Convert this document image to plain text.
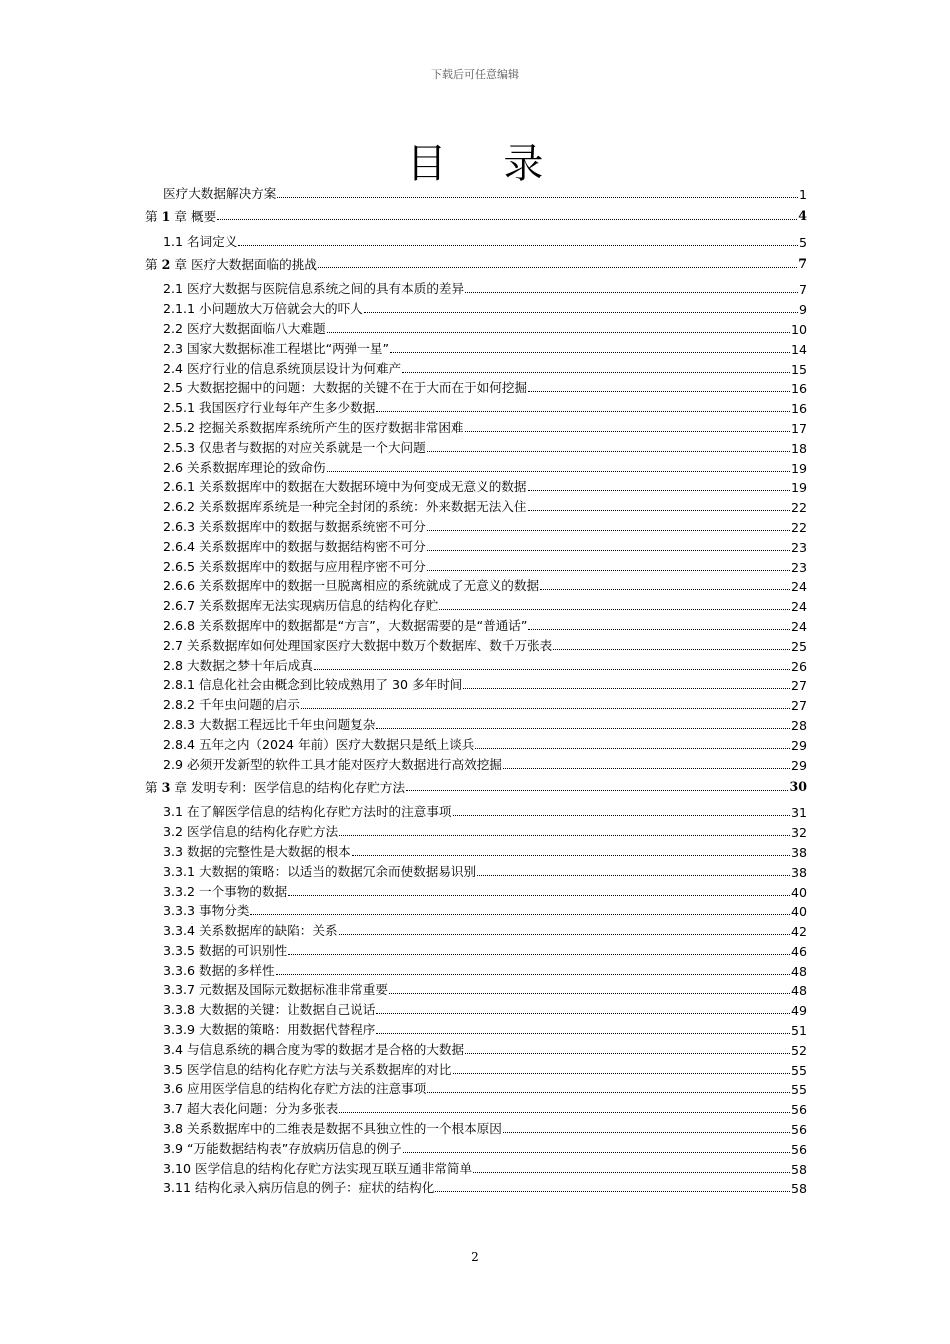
下载后可任意编辑
目 录
医疗大数据解决方案	1
第 1 章 概要	4
1.1 名词定义	5
第 2 章 医疗大数据面临的挑战	7
2.1 医疗大数据与医院信息系统之间的具有本质的差异	7
2.1.1 小问题放大万倍就会大的吓人	9
2.2 医疗大数据面临八大难题	10
2.3 国家大数据标准工程堪比“两弹一星”	14
2.4 医疗行业的信息系统顶层设计为何难产	15
2.5 大数据挖掘中的问题：大数据的关键不在于大而在于如何挖掘	16
2.5.1 我国医疗行业每年产生多少数据	16
2.5.2 挖掘关系数据库系统所产生的医疗数据非常困难	17
2.5.3 仅患者与数据的对应关系就是一个大问题	18
2.6 关系数据库理论的致命伤	19
2.6.1 关系数据库中的数据在大数据环境中为何变成无意义的数据	19
2.6.2 关系数据库系统是一种完全封闭的系统：外来数据无法入住	22
2.6.3 关系数据库中的数据与数据系统密不可分	22
2.6.4 关系数据库中的数据与数据结构密不可分	23
2.6.5 关系数据库中的数据与应用程序密不可分	23
2.6.6 关系数据库中的数据一旦脱离相应的系统就成了无意义的数据	24
2.6.7 关系数据库无法实现病历信息的结构化存贮	24
2.6.8 关系数据库中的数据都是“方言”，大数据需要的是“普通话”	24
2.7 关系数据库如何处理国家医疗大数据中数万个数据库、数千万张表	25
2.8 大数据之梦十年后成真	26
2.8.1 信息化社会由概念到比较成熟用了 30 多年时间	27
2.8.2 千年虫问题的启示	27
2.8.3 大数据工程远比千年虫问题复杂	28
2.8.4 五年之内（2024 年前）医疗大数据只是纸上谈兵	29
2.9 必须开发新型的软件工具才能对医疗大数据进行高效挖掘	29
第 3 章 发明专利：医学信息的结构化存贮方法	30
3.1 在了解医学信息的结构化存贮方法时的注意事项	31
3.2 医学信息的结构化存贮方法	32
3.3 数据的完整性是大数据的根本	38
3.3.1 大数据的策略：以适当的数据冗余而使数据易识别	38
3.3.2 一个事物的数据	40
3.3.3 事物分类	40
3.3.4 关系数据库的缺陷：关系	42
3.3.5 数据的可识别性	46
3.3.6 数据的多样性	48
3.3.7 元数据及国际元数据标准非常重要	48
3.3.8 大数据的关键：让数据自己说话	49
3.3.9 大数据的策略：用数据代替程序	51
3.4 与信息系统的耦合度为零的数据才是合格的大数据	52
3.5 医学信息的结构化存贮方法与关系数据库的对比	55
3.6 应用医学信息的结构化存贮方法的注意事项	55
3.7 超大表化问题：分为多张表	56
3.8 关系数据库中的二维表是数据不具独立性的一个根本原因	56
3.9 “万能数据结构表”存放病历信息的例子	56
3.10 医学信息的结构化存贮方法实现互联互通非常简单	58
3.11 结构化录入病历信息的例子：症状的结构化	58
2
